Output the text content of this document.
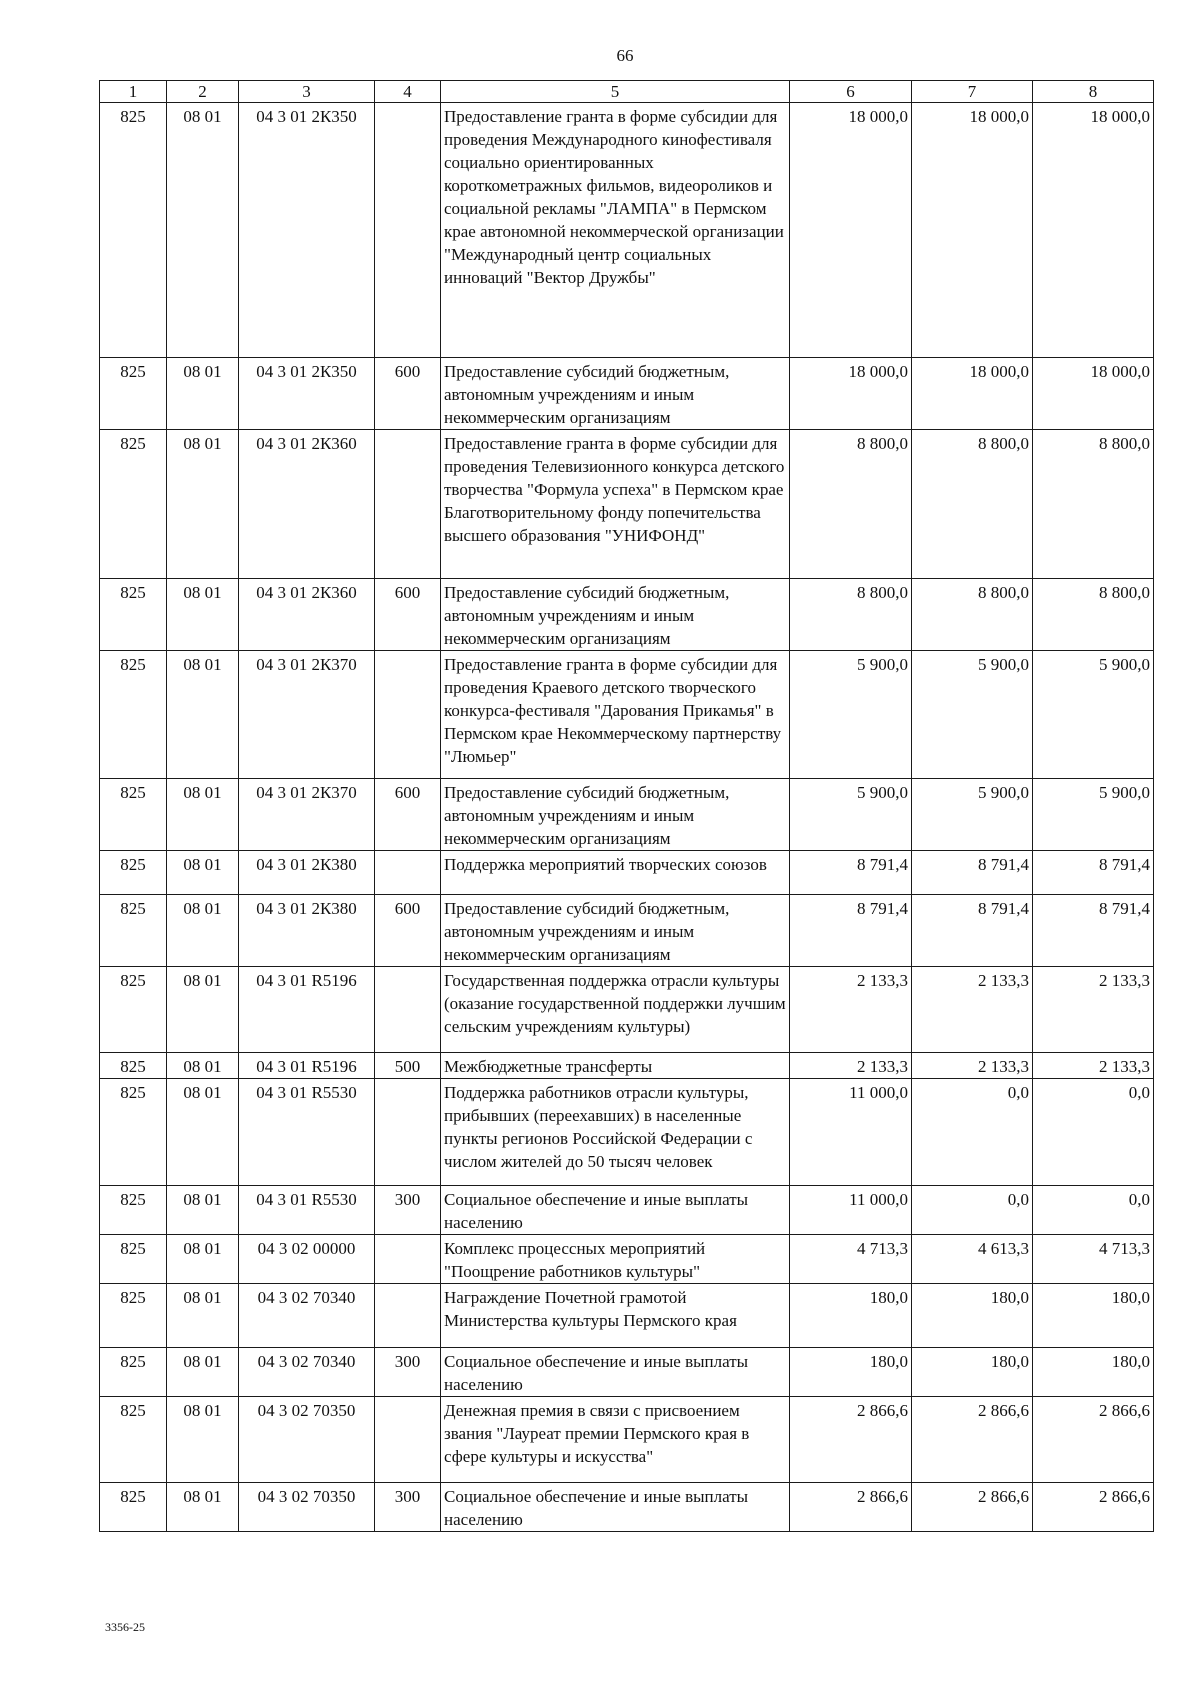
66
1	2	3	4	5	6	7	8
825	08 01	04 3 01 2К350		Предоставление гранта в форме субсидии для проведения Международного кинофестиваля социально ориентированных короткометражных фильмов, видеороликов и социальной рекламы "ЛАМПА" в Пермском крае автономной некоммерческой организации "Международный центр социальных инноваций "Вектор Дружбы"	18 000,0	18 000,0	18 000,0
825	08 01	04 3 01 2К350	600	Предоставление субсидий бюджетным, автономным учреждениям и иным некоммерческим организациям	18 000,0	18 000,0	18 000,0
825	08 01	04 3 01 2К360		Предоставление гранта в форме субсидии для проведения Телевизионного конкурса детского творчества "Формула успеха" в Пермском крае Благотворительному фонду попечительства высшего образования "УНИФОНД"	8 800,0	8 800,0	8 800,0
825	08 01	04 3 01 2К360	600	Предоставление субсидий бюджетным, автономным учреждениям и иным некоммерческим организациям	8 800,0	8 800,0	8 800,0
825	08 01	04 3 01 2К370		Предоставление гранта в форме субсидии для проведения Краевого детского творческого конкурса-фестиваля "Дарования Прикамья" в Пермском крае Некоммерческому партнерству "Люмьер"	5 900,0	5 900,0	5 900,0
825	08 01	04 3 01 2К370	600	Предоставление субсидий бюджетным, автономным учреждениям и иным некоммерческим организациям	5 900,0	5 900,0	5 900,0
825	08 01	04 3 01 2К380		Поддержка мероприятий творческих союзов	8 791,4	8 791,4	8 791,4
825	08 01	04 3 01 2К380	600	Предоставление субсидий бюджетным, автономным учреждениям и иным некоммерческим организациям	8 791,4	8 791,4	8 791,4
825	08 01	04 3 01 R5196		Государственная поддержка отрасли культуры (оказание государственной поддержки лучшим сельским учреждениям культуры)	2 133,3	2 133,3	2 133,3
825	08 01	04 3 01 R5196	500	Межбюджетные трансферты	2 133,3	2 133,3	2 133,3
825	08 01	04 3 01 R5530		Поддержка работников отрасли культуры, прибывших (переехавших) в населенные пункты регионов Российской Федерации с числом жителей до 50 тысяч человек	11 000,0	0,0	0,0
825	08 01	04 3 01 R5530	300	Социальное обеспечение и иные выплаты населению	11 000,0	0,0	0,0
825	08 01	04 3 02 00000		Комплекс процессных мероприятий "Поощрение работников культуры"	4 713,3	4 613,3	4 713,3
825	08 01	04 3 02 70340		Награждение Почетной грамотой Министерства культуры Пермского края	180,0	180,0	180,0
825	08 01	04 3 02 70340	300	Социальное обеспечение и иные выплаты населению	180,0	180,0	180,0
825	08 01	04 3 02 70350		Денежная премия в связи с присвоением звания "Лауреат премии Пермского края в сфере культуры и искусства"	2 866,6	2 866,6	2 866,6
825	08 01	04 3 02 70350	300	Социальное обеспечение и иные выплаты населению	2 866,6	2 866,6	2 866,6
3356-25
